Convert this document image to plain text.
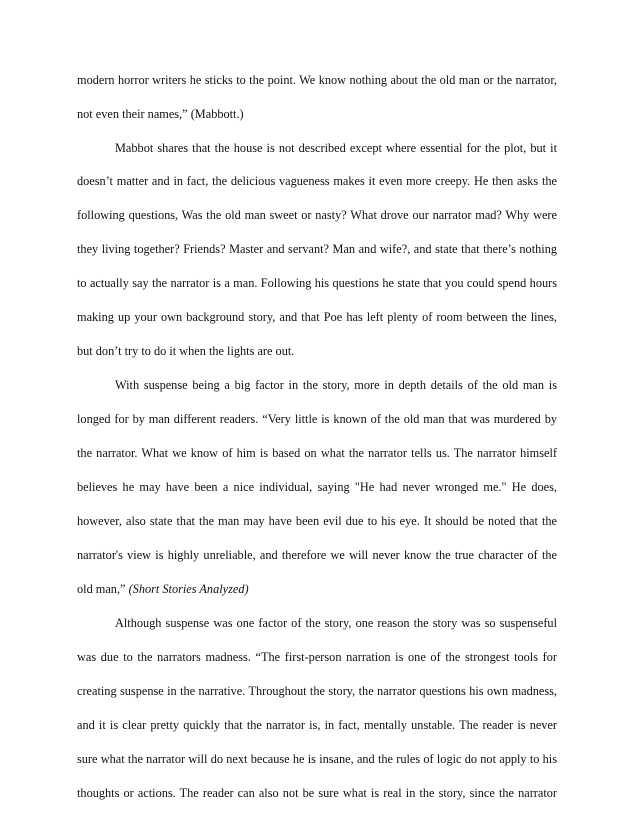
modern horror writers he sticks to the point. We know nothing about the old man or the narrator,
not even their names,” (Mabbott.)
Mabbot shares that the house is not described except where essential for the plot, but it
doesn’t matter and in fact, the delicious vagueness makes it even more creepy. He then asks the
following questions, Was the old man sweet or nasty? What drove our narrator mad? Why were
they living together? Friends? Master and servant? Man and wife?, and state that there’s nothing
to actually say the narrator is a man. Following his questions he state that you could spend hours
making up your own background story, and that Poe has left plenty of room between the lines,
but don’t try to do it when the lights are out.
With suspense being a big factor in the story, more in depth details of the old man is
longed for by man different readers. “Very little is known of the old man that was murdered by
the narrator. What we know of him is based on what the narrator tells us. The narrator himself
believes he may have been a nice individual, saying "He had never wronged me." He does,
however, also state that the man may have been evil due to his eye. It should be noted that the
narrator's view is highly unreliable, and therefore we will never know the true character of the
old man,” (Short Stories Analyzed)
Although suspense was one factor of the story, one reason the story was so suspenseful
was due to the narrators madness. “The first-person narration is one of the strongest tools for
creating suspense in the narrative. Throughout the story, the narrator questions his own madness,
and it is clear pretty quickly that the narrator is, in fact, mentally unstable. The reader is never
sure what the narrator will do next because he is insane, and the rules of logic do not apply to his
thoughts or actions. The reader can also not be sure what is real in the story, since the narrator
